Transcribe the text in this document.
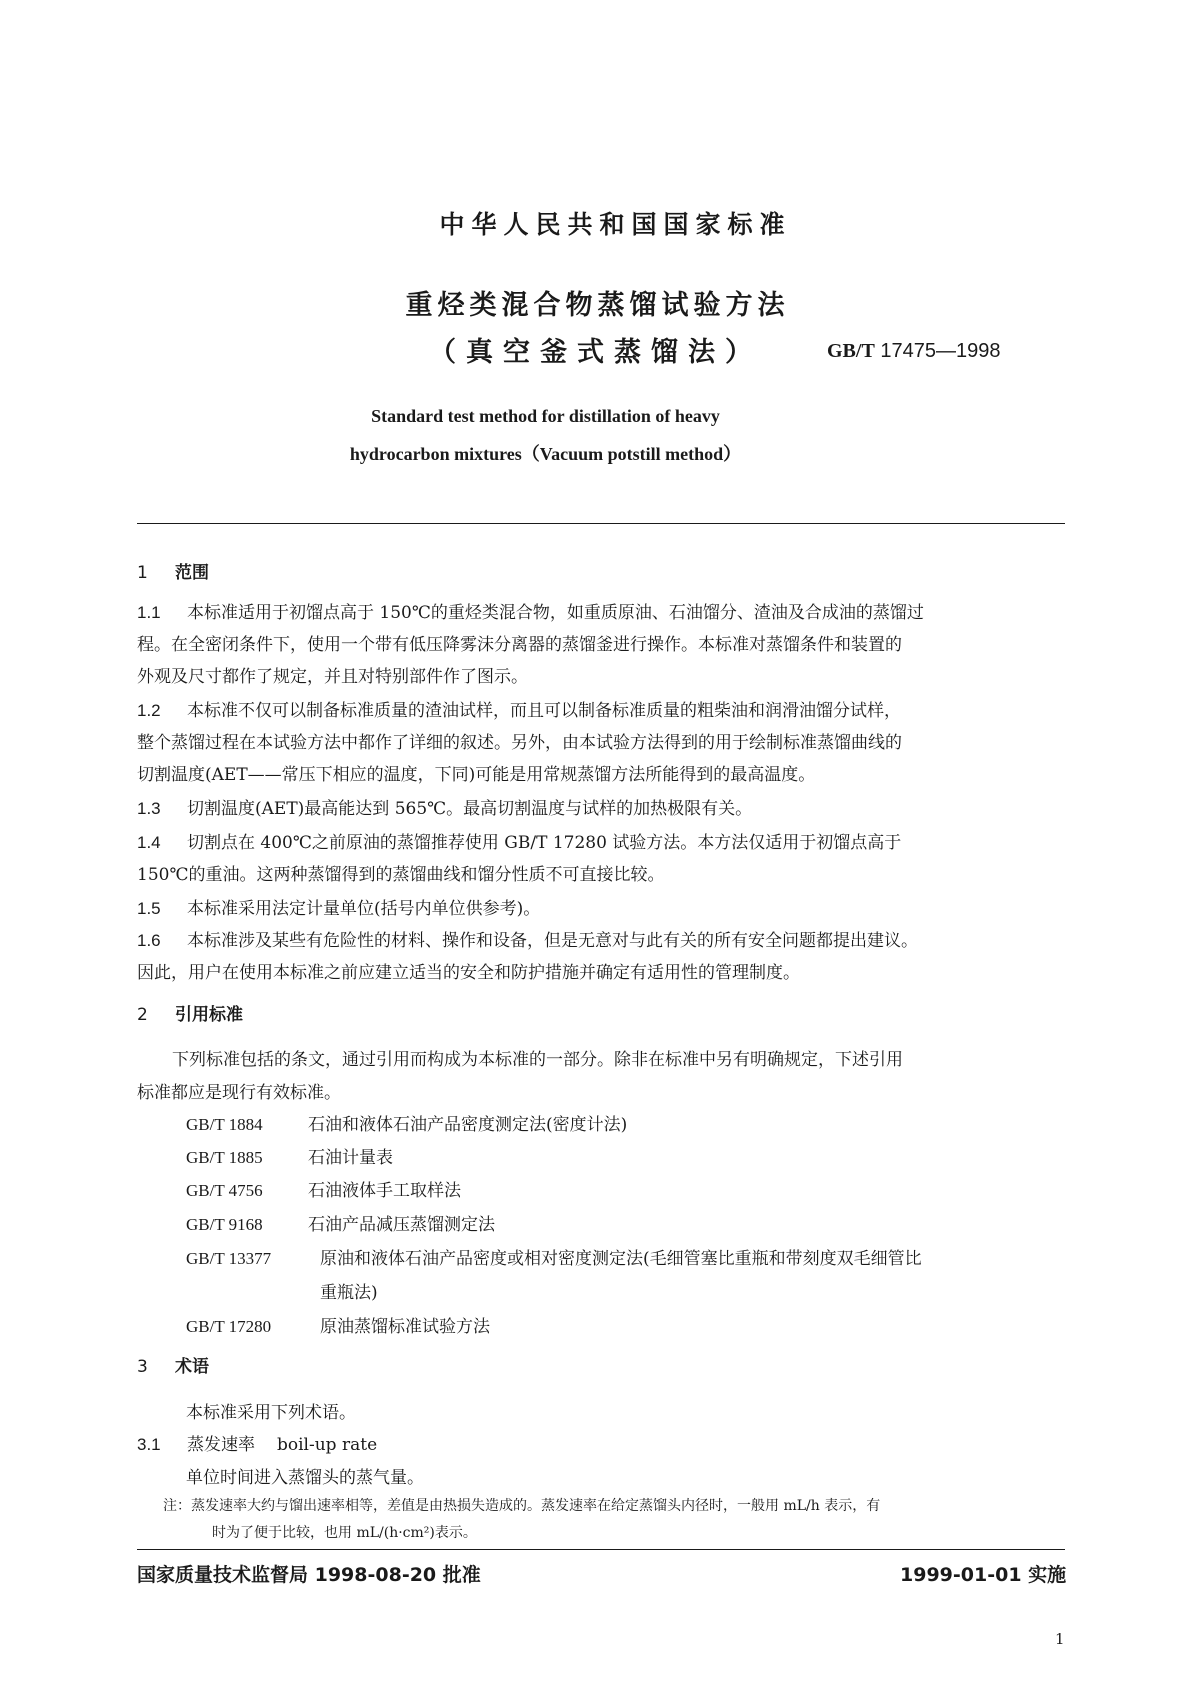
中华人民共和国国家标准
重烃类混合物蒸馏试验方法
（真空釜式蒸馏法）	GB/T 17475—1998
Standard test method for distillation of heavy
hydrocarbon mixtures（Vacuum potstill method）
1 范围
1.1 本标准适用于初馏点高于 150℃的重烃类混合物，如重质原油、石油馏分、渣油及合成油的蒸馏过
程。在全密闭条件下，使用一个带有低压降雾沫分离器的蒸馏釜进行操作。本标准对蒸馏条件和装置的
外观及尺寸都作了规定，并且对特别部件作了图示。
1.2 本标准不仅可以制备标准质量的渣油试样，而且可以制备标准质量的粗柴油和润滑油馏分试样，
整个蒸馏过程在本试验方法中都作了详细的叙述。另外，由本试验方法得到的用于绘制标准蒸馏曲线的
切割温度(AET——常压下相应的温度，下同)可能是用常规蒸馏方法所能得到的最高温度。
1.3 切割温度(AET)最高能达到 565℃。最高切割温度与试样的加热极限有关。
1.4 切割点在 400℃之前原油的蒸馏推荐使用 GB/T 17280 试验方法。本方法仅适用于初馏点高于
150℃的重油。这两种蒸馏得到的蒸馏曲线和馏分性质不可直接比较。
1.5 本标准采用法定计量单位(括号内单位供参考)。
1.6 本标准涉及某些有危险性的材料、操作和设备，但是无意对与此有关的所有安全问题都提出建议。
因此，用户在使用本标准之前应建立适当的安全和防护措施并确定有适用性的管理制度。
2 引用标准
下列标准包括的条文，通过引用而构成为本标准的一部分。除非在标准中另有明确规定，下述引用
标准都应是现行有效标准。
GB/T 1884	石油和液体石油产品密度测定法(密度计法)
GB/T 1885	石油计量表
GB/T 4756	石油液体手工取样法
GB/T 9168	石油产品减压蒸馏测定法
GB/T 13377	原油和液体石油产品密度或相对密度测定法(毛细管塞比重瓶和带刻度双毛细管比
重瓶法)
GB/T 17280	原油蒸馏标准试验方法
3 术语
本标准采用下列术语。
3.1 蒸发速率 boil-up rate
单位时间进入蒸馏头的蒸气量。
注：蒸发速率大约与馏出速率相等，差值是由热损失造成的。蒸发速率在给定蒸馏头内径时，一般用 mL/h 表示，有
时为了便于比较，也用 mL/(h·cm²)表示。
国家质量技术监督局 1998-08-20 批准	1999-01-01 实施
1
